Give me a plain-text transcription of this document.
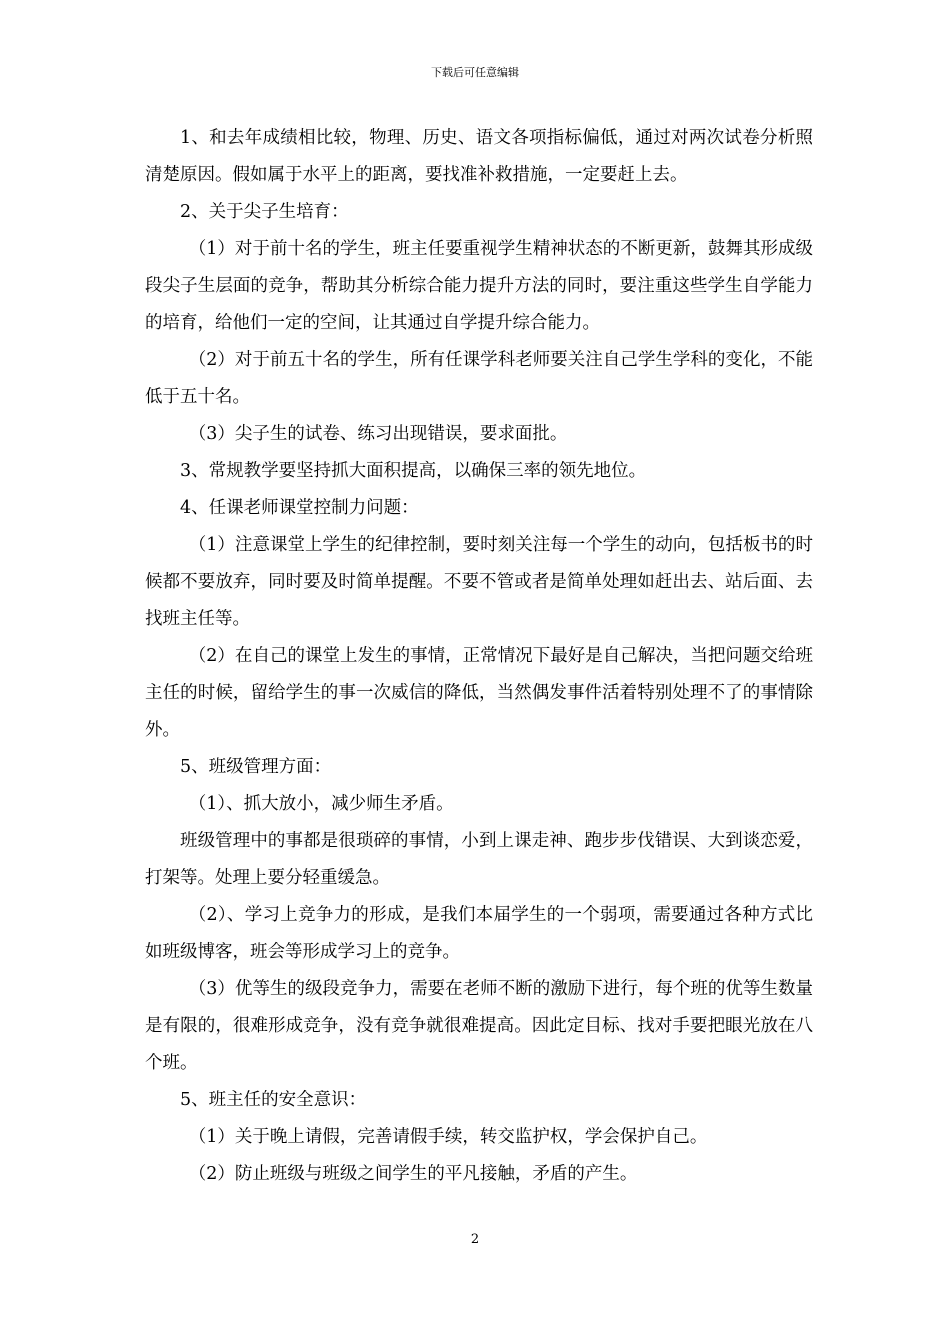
下载后可任意编辑

1、和去年成绩相比较，物理、历史、语文各项指标偏低，通过对两次试卷分析照清楚原因。假如属于水平上的距离，要找准补救措施，一定要赶上去。

2、关于尖子生培育：

（1）对于前十名的学生，班主任要重视学生精神状态的不断更新，鼓舞其形成级段尖子生层面的竞争，帮助其分析综合能力提升方法的同时，要注重这些学生自学能力的培育，给他们一定的空间，让其通过自学提升综合能力。

（2）对于前五十名的学生，所有任课学科老师要关注自己学生学科的变化，不能低于五十名。

（3）尖子生的试卷、练习出现错误，要求面批。

3、常规教学要坚持抓大面积提高，以确保三率的领先地位。

4、任课老师课堂控制力问题：

（1）注意课堂上学生的纪律控制，要时刻关注每一个学生的动向，包括板书的时候都不要放弃，同时要及时简单提醒。不要不管或者是简单处理如赶出去、站后面、去找班主任等。

（2）在自己的课堂上发生的事情，正常情况下最好是自己解决，当把问题交给班主任的时候，留给学生的事一次威信的降低，当然偶发事件活着特别处理不了的事情除外。

5、班级管理方面：

（1）、抓大放小，减少师生矛盾。

班级管理中的事都是很琐碎的事情，小到上课走神、跑步步伐错误、大到谈恋爱，打架等。处理上要分轻重缓急。

（2）、学习上竞争力的形成，是我们本届学生的一个弱项，需要通过各种方式比如班级博客，班会等形成学习上的竞争。

（3）优等生的级段竞争力，需要在老师不断的激励下进行，每个班的优等生数量是有限的，很难形成竞争，没有竞争就很难提高。因此定目标、找对手要把眼光放在八个班。

5、班主任的安全意识：

（1）关于晚上请假，完善请假手续，转交监护权，学会保护自己。

（2）防止班级与班级之间学生的平凡接触，矛盾的产生。

2
